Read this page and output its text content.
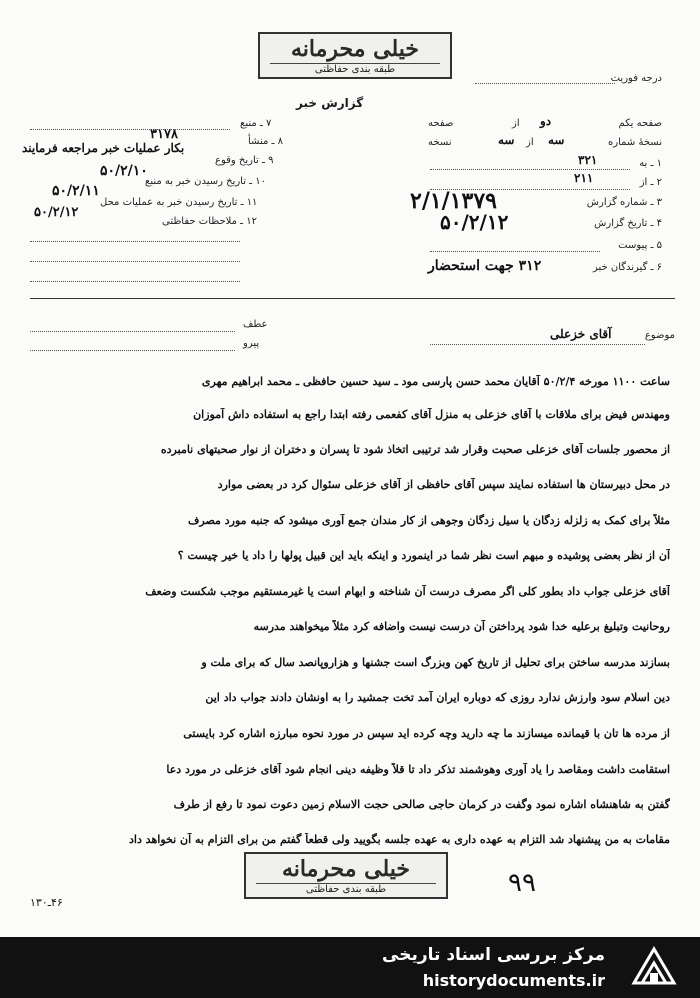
خیلی محرمانه
طبقه بندی حفاظتی
درجه فوریت
گزارش خبر
صفحه یکم
دو
از
صفحه
نسخهٔ شماره
سه
از
سه
نسخه
۱ ـ به
۳۲۱
۲ ـ از
۲۱۱
۳ ـ شماره گزارش
۲/۱/۱۳۷۹
۴ ـ تاریخ گزارش
۵۰/۲/۱۲
۵ ـ پیوست
۶ ـ گیرندگان خبر
۳۱۲ جهت استحضار
۷ ـ منبع
۸ ـ منشأ
۳۱۷۸
۹ ـ تاریخ وقوع
بکار عملیات خبر مراجعه فرمایند
۱۰ ـ تاریخ رسیدن خبر به منبع
۵۰/۲/۱۰
۱۱ ـ تاریخ رسیدن خبر به عملیات محل
۵۰/۲/۱۱
۱۲ ـ ملاحظات حفاظتی
۵۰/۲/۱۲
عطف
پیرو
موضوع
آقای خزعلی
ساعت ۱۱۰۰ مورخه ۵۰/۲/۴ آقایان محمد حسن پارسی مود ـ سید حسین حافظی ـ محمد ابراهیم مهری
ومهندس فیض برای ملاقات با آقای خزعلی به منزل آقای کفعمی رفته ابتدا راجع به استفاده داش آموزان
از محصور جلسات آقای خزعلی صحبت وقرار شد ترتیبی اتخاذ شود تا پسران و دختران از نوار صحبتهای نامبرده
در محل دبیرستان ها استفاده نمایند سپس آقای حافظی از آقای خزعلی سئوال کرد در بعضی موارد
مثلاً برای کمک به زلزله زدگان یا سیل زدگان وجوهی از کار مندان جمع آوری میشود که جنبه مورد مصرف
آن از نظر بعضی پوشیده و مبهم است نظر شما در اینمورد و اینکه باید این قبیل پولها را داد یا خیر چیست ؟
آقای خزعلی جواب داد بطور کلی اگر مصرف درست آن شناخته و ابهام است یا غیرمستقیم موجب شکست وضعف
روحانیت وتبلیغ برعلیه خدا شود پرداختن آن درست نیست واضافه کرد مثلاً میخواهند مدرسه
بسازند مدرسه ساختن برای تحلیل از تاریخ کهن وبزرگ است جشنها و هزاروپانصد سال که برای ملت و
دین اسلام سود وارزش ندارد روزی که دوباره ایران آمد تخت جمشید را به اونشان دادند جواب داد این
از مرده ها تان با قیمانده میسازند ما چه دارید وچه کرده اید سپس در مورد نحوه مبارزه اشاره کرد بایستی
استقامت داشت ومقاصد را یاد آوری وهوشمند تذکر داد تا قلاً وظیفه دینی انجام شود آقای خزعلی در مورد دعا
گفتن به شاهنشاه اشاره نمود وگفت در کرمان حاجی صالحی حجت الاسلام زمین دعوت نمود تا رفع از طرف
مقامات به من پیشنهاد شد التزام به عهده داری به عهده جلسه بگویید ولی قطعاً گفتم من برای التزام به آن نخواهد داد
خیلی محرمانه
طبقه بندی حفاظتی	۹۹
۴۶ـ۱۳۰
مرکز بررسی اسناد تاریخی
historydocuments.ir
